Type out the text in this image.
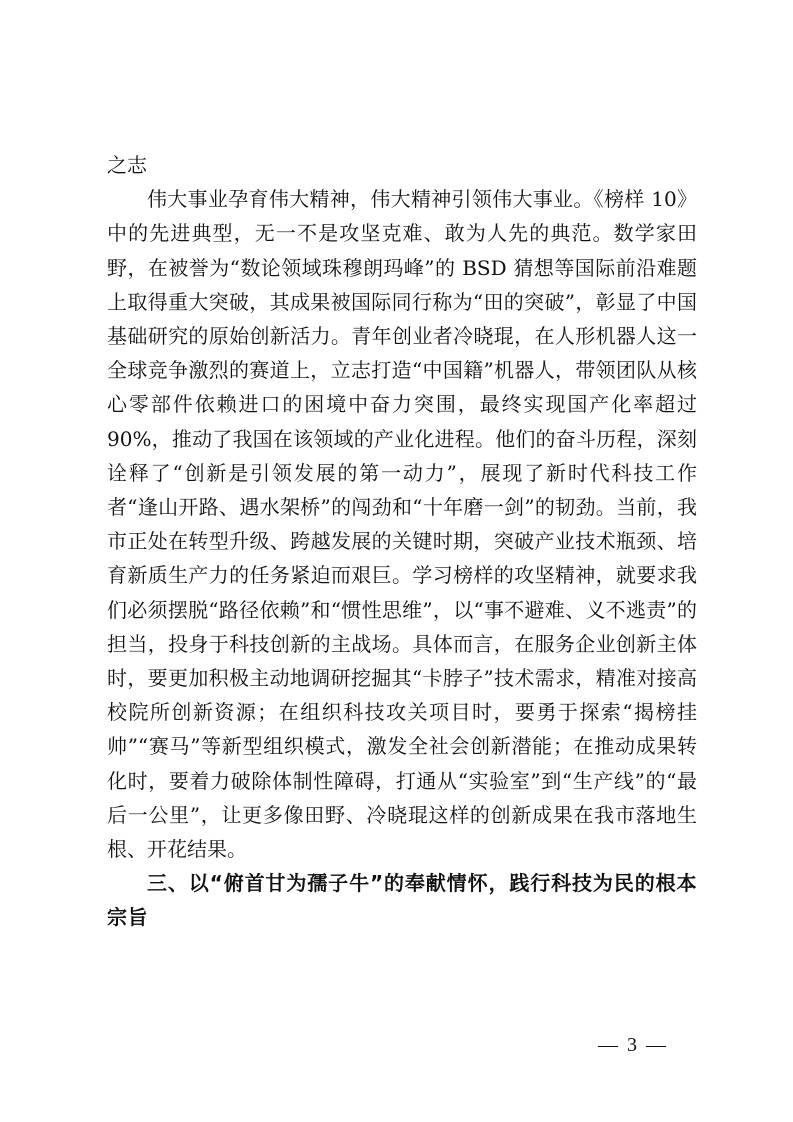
之志

伟大事业孕育伟大精神，伟大精神引领伟大事业。《榜样 10》中的先进典型，无一不是攻坚克难、敢为人先的典范。数学家田野，在被誉为“数论领域珠穆朗玛峰”的 BSD 猜想等国际前沿难题上取得重大突破，其成果被国际同行称为“田的突破”，彰显了中国基础研究的原始创新活力。青年创业者冷晓琨，在人形机器人这一全球竞争激烈的赛道上，立志打造“中国籍”机器人，带领团队从核心零部件依赖进口的困境中奋力突围，最终实现国产化率超过 90%，推动了我国在该领域的产业化进程。他们的奋斗历程，深刻诠释了“创新是引领发展的第一动力”，展现了新时代科技工作者“逢山开路、遇水架桥”的闯劲和“十年磨一剑”的韧劲。当前，我市正处在转型升级、跨越发展的关键时期，突破产业技术瓶颈、培育新质生产力的任务紧迫而艰巨。学习榜样的攻坚精神，就要求我们必须摆脱“路径依赖”和“惯性思维”，以“事不避难、义不逃责”的担当，投身于科技创新的主战场。具体而言，在服务企业创新主体时，要更加积极主动地调研挖掘其“卡脖子”技术需求，精准对接高校院所创新资源；在组织科技攻关项目时，要勇于探索“揭榜挂帅”“赛马”等新型组织模式，激发全社会创新潜能；在推动成果转化时，要着力破除体制性障碍，打通从“实验室”到“生产线”的“最后一公里”，让更多像田野、冷晓琨这样的创新成果在我市落地生根、开花结果。

三、以“俯首甘为孺子牛”的奉献情怀，践行科技为民的根本宗旨

— 3 —
